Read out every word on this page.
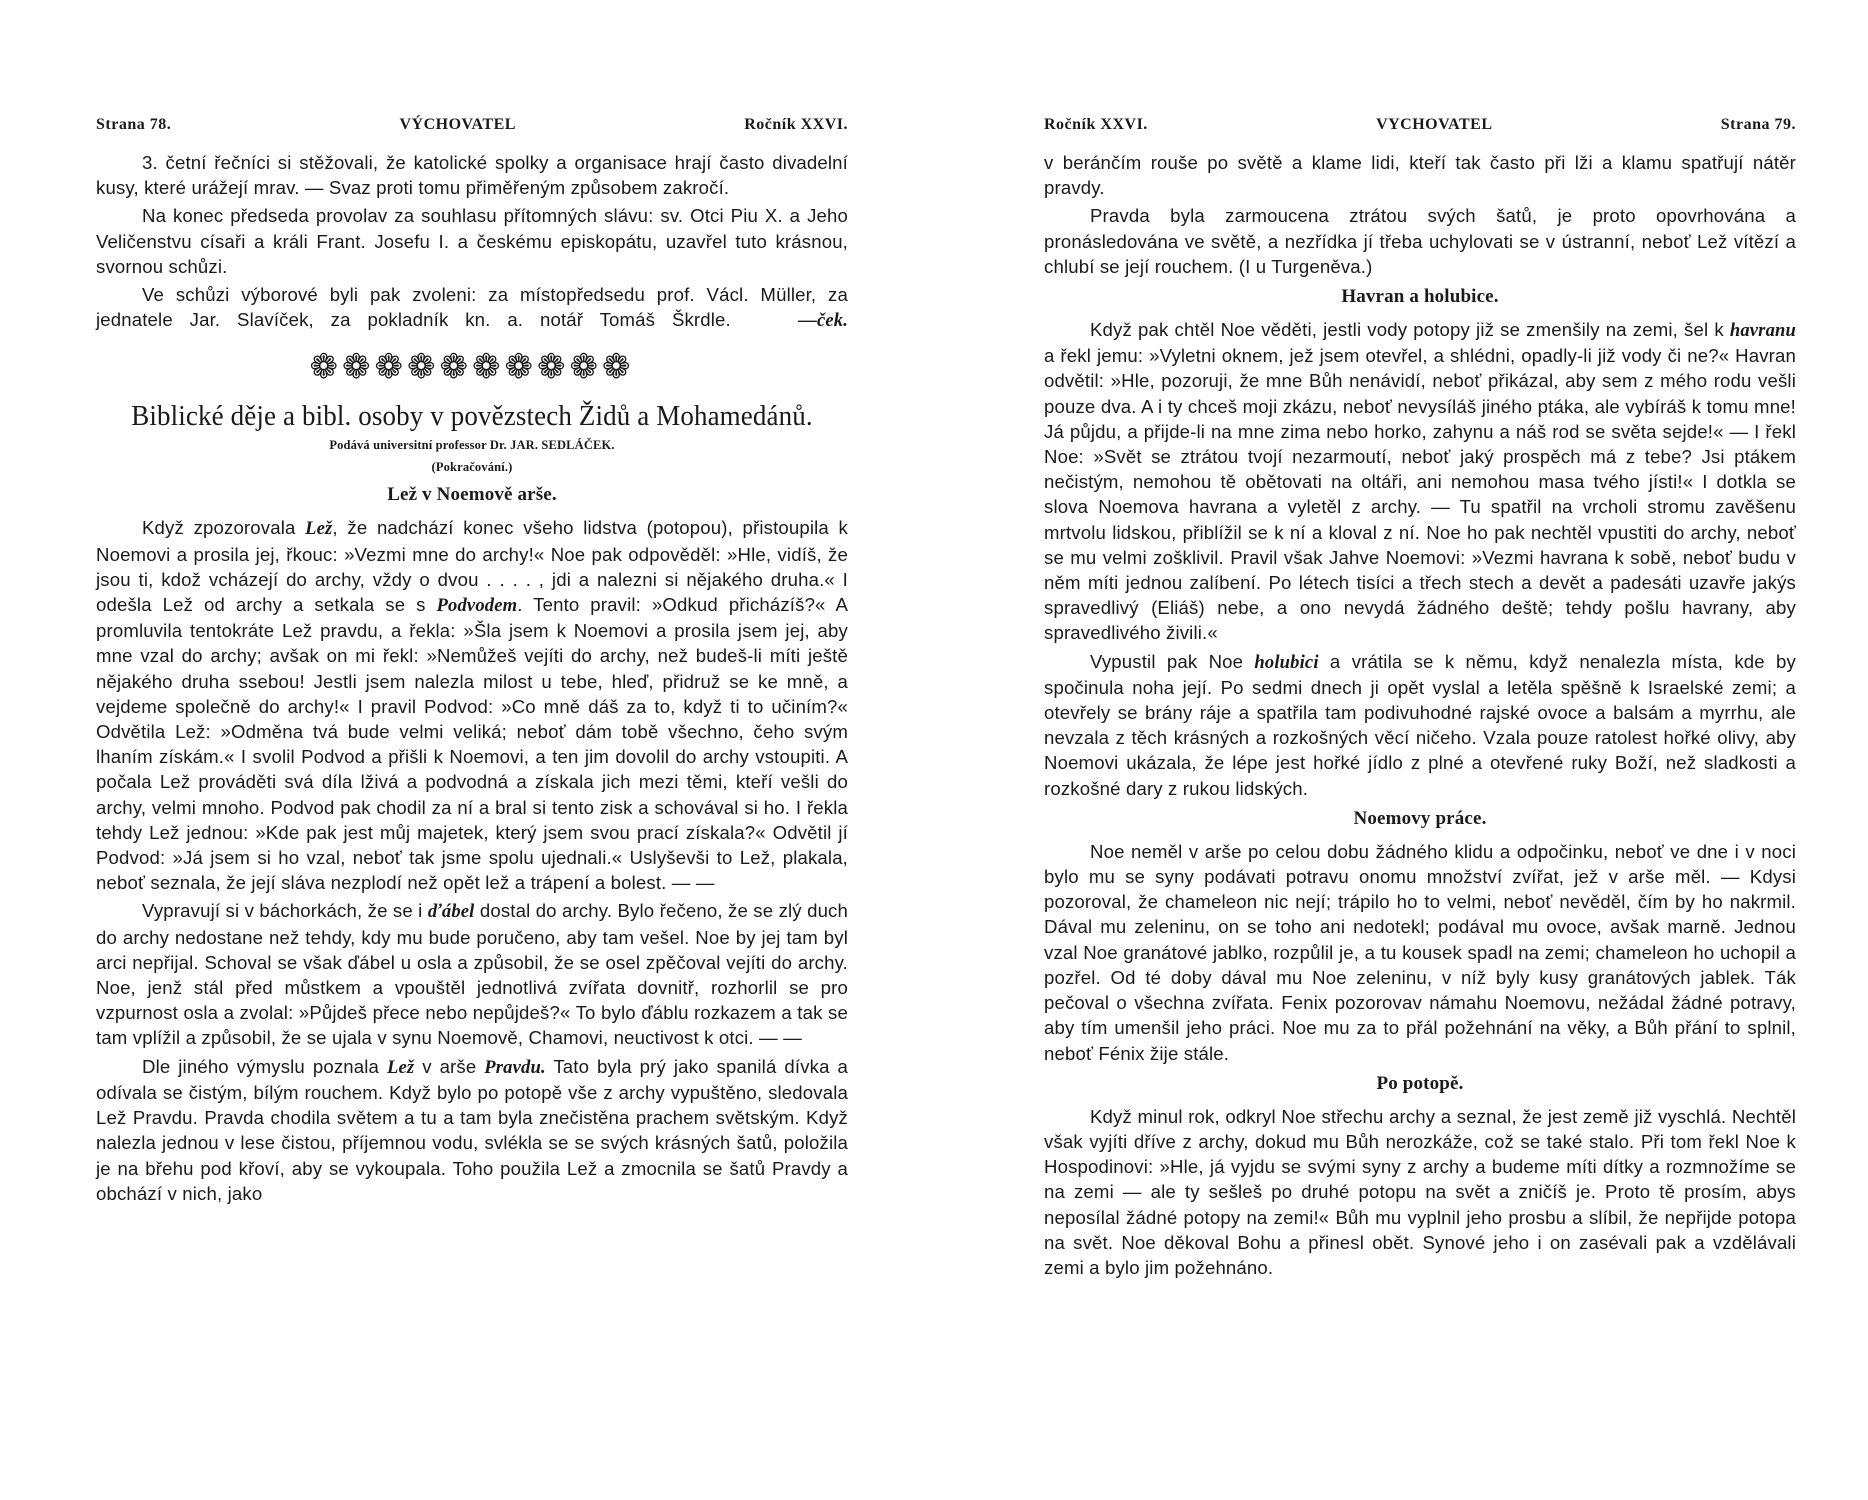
Strana 78.	VÝCHOVATEL	Ročník XXVI.

3. četní řečníci si stěžovali, že katolické spolky a organisace hrají často divadelní kusy, které urážejí mrav. — Svaz proti tomu přiměřeným způsobem zakročí.

Na konec předseda provolav za souhlasu přítomných slávu: sv. Otci Piu X. a Jeho Veličenstvu císaři a králi Frant. Josefu I. a českému episkopátu, uzavřel tuto krásnou, svornou schůzi.

Ve schůzi výborové byli pak zvoleni: za místopředsedu prof. Václ. Müller, za jednatele Jar. Slavíček, za pokladník kn. a. notář Tomáš Škrdle.	—ček.

❁❁❁❁❁❁❁❁❁❁
Biblické děje a bibl. osoby v povězstech Židů a Mohamedánů.
Podává universitní professor Dr. JAR. SEDLÁČEK.
(Pokračování.)
Lež v Noemově arše.

Když zpozorovala Lež, že nadchází konec všeho lidstva (potopou), přistoupila k Noemovi a prosila jej, řkouc: »Vezmi mne do archy!« Noe pak odpověděl: »Hle, vidíš, že jsou ti, kdož vcházejí do archy, vždy o dvou . . . . , jdi a nalezni si nějakého druha.« I odešla Lež od archy a setkala se s Podvodem. Tento pravil: »Odkud přicházíš?« A promluvila tentokráte Lež pravdu, a řekla: »Šla jsem k Noemovi a prosila jsem jej, aby mne vzal do archy; avšak on mi řekl: »Nemůžeš vejíti do archy, než budeš-li míti ještě nějakého druha ssebou! Jestli jsem nalezla milost u tebe, hleď, přidruž se ke mně, a vejdeme společně do archy!« I pravil Podvod: »Co mně dáš za to, když ti to učiním?« Odvětila Lež: »Odměna tvá bude velmi veliká; neboť dám tobě všechno, čeho svým lhaním získám.« I svolil Podvod a přišli k Noemovi, a ten jim dovolil do archy vstoupiti. A počala Lež prováděti svá díla lživá a podvodná a získala jich mezi těmi, kteří vešli do archy, velmi mnoho. Podvod pak chodil za ní a bral si tento zisk a schovával si ho. I řekla tehdy Lež jednou: »Kde pak jest můj majetek, který jsem svou prací získala?« Odvětil jí Podvod: »Já jsem si ho vzal, neboť tak jsme spolu ujednali.« Uslyševši to Lež, plakala, neboť seznala, že její sláva nezplodí než opět lež a trápení a bolest. — —

Vypravují si v báchorkách, že se i ďábel dostal do archy. Bylo řečeno, že se zlý duch do archy nedostane než tehdy, kdy mu bude poručeno, aby tam vešel. Noe by jej tam byl arci nepřijal. Schoval se však ďábel u osla a způsobil, že se osel zpěčoval vejíti do archy. Noe, jenž stál před můstkem a vpouštěl jednotlivá zvířata dovnitř, rozhorlil se pro vzpurnost osla a zvolal: »Půjdeš přece nebo nepůjdeš?« To bylo ďáblu rozkazem a tak se tam vplížil a způsobil, že se ujala v synu Noemově, Chamovi, neuctivost k otci. — —

Dle jiného výmyslu poznala Lež v arše Pravdu. Tato byla prý jako spanilá dívka a odívala se čistým, bílým rouchem. Když bylo po potopě vše z archy vypuštěno, sledovala Lež Pravdu. Pravda chodila světem a tu a tam byla znečistěna prachem světským. Když nalezla jednou v lese čistou, příjemnou vodu, svlékla se se svých krásných šatů, položila je na břehu pod křoví, aby se vykoupala. Toho použila Lež a zmocnila se šatů Pravdy a obchází v nich, jako

Ročník XXVI.	VYCHOVATEL	Strana 79.

v beránčím rouše po světě a klame lidi, kteří tak často při lži a klamu spatřují nátěr pravdy.

Pravda byla zarmoucena ztrátou svých šatů, je proto opovrhována a pronásledována ve světě, a nezřídka jí třeba uchylovati se v ústranní, neboť Lež vítězí a chlubí se její rouchem. (I u Turgeněva.)

Havran a holubice.

Když pak chtěl Noe věděti, jestli vody potopy již se zmenšily na zemi, šel k havranu a řekl jemu: »Vyletni oknem, jež jsem otevřel, a shlédni, opadly-li již vody či ne?« Havran odvětil: »Hle, pozoruji, že mne Bůh nenávidí, neboť přikázal, aby sem z mého rodu vešli pouze dva. A i ty chceš moji zkázu, neboť nevysíláš jiného ptáka, ale vybíráš k tomu mne! Já půjdu, a přijde-li na mne zima nebo horko, zahynu a náš rod se světa sejde!« — I řekl Noe: »Svět se ztrátou tvojí nezarmoutí, neboť jaký prospěch má z tebe? Jsi ptákem nečistým, nemohou tě obětovati na oltáři, ani nemohou masa tvého jísti!« I dotkla se slova Noemova havrana a vyletěl z archy. — Tu spatřil na vrcholi stromu zavěšenu mrtvolu lidskou, přiblížil se k ní a kloval z ní. Noe ho pak nechtěl vpustiti do archy, neboť se mu velmi zošklivil. Pravil však Jahve Noemovi: »Vezmi havrana k sobě, neboť budu v něm míti jednou zalíbení. Po létech tisíci a třech stech a devět a padesáti uzavře jakýs spravedlivý (Eliáš) nebe, a ono nevydá žádného deště; tehdy pošlu havrany, aby spravedlivého živili.«

Vypustil pak Noe holubici a vrátila se k němu, když nenalezla místa, kde by spočinula noha její. Po sedmi dnech ji opět vyslal a letěla spěšně k Israelské zemi; a otevřely se brány ráje a spatřila tam podivuhodné rajské ovoce a balsám a myrrhu, ale nevzala z těch krásných a rozkošných věcí ničeho. Vzala pouze ratolest hořké olivy, aby Noemovi ukázala, že lépe jest hořké jídlo z plné a otevřené ruky Boží, než sladkosti a rozkošné dary z rukou lidských.

Noemovy práce.

Noe neměl v arše po celou dobu žádného klidu a odpočinku, neboť ve dne i v noci bylo mu se syny podávati potravu onomu množství zvířat, jež v arše měl. — Kdysi pozoroval, že chameleon nic nejí; trápilo ho to velmi, neboť nevěděl, čím by ho nakrmil. Dával mu zeleninu, on se toho ani nedotekl; podával mu ovoce, avšak marně. Jednou vzal Noe granátové jablko, rozpůlil je, a tu kousek spadl na zemi; chameleon ho uchopil a pozřel. Od té doby dával mu Noe zeleninu, v níž byly kusy granátových jablek. Ták pečoval o všechna zvířata. Fenix pozorovav námahu Noemovu, nežádal žádné potravy, aby tím umenšil jeho práci. Noe mu za to přál požehnání na věky, a Bůh přání to splnil, neboť Fénix žije stále.

Po potopě.

Když minul rok, odkryl Noe střechu archy a seznal, že jest země již vyschlá. Nechtěl však vyjíti dříve z archy, dokud mu Bůh nerozkáže, což se také stalo. Při tom řekl Noe k Hospodinovi: »Hle, já vyjdu se svými syny z archy a budeme míti dítky a rozmnožíme se na zemi — ale ty sešleš po druhé potopu na svět a zničíš je. Proto tě prosím, abys neposílal žádné potopy na zemi!« Bůh mu vyplnil jeho prosbu a slíbil, že nepřijde potopa na svět. Noe děkoval Bohu a přinesl obět. Synové jeho i on zasévali pak a vzdělávali zemi a bylo jim požehnáno.
